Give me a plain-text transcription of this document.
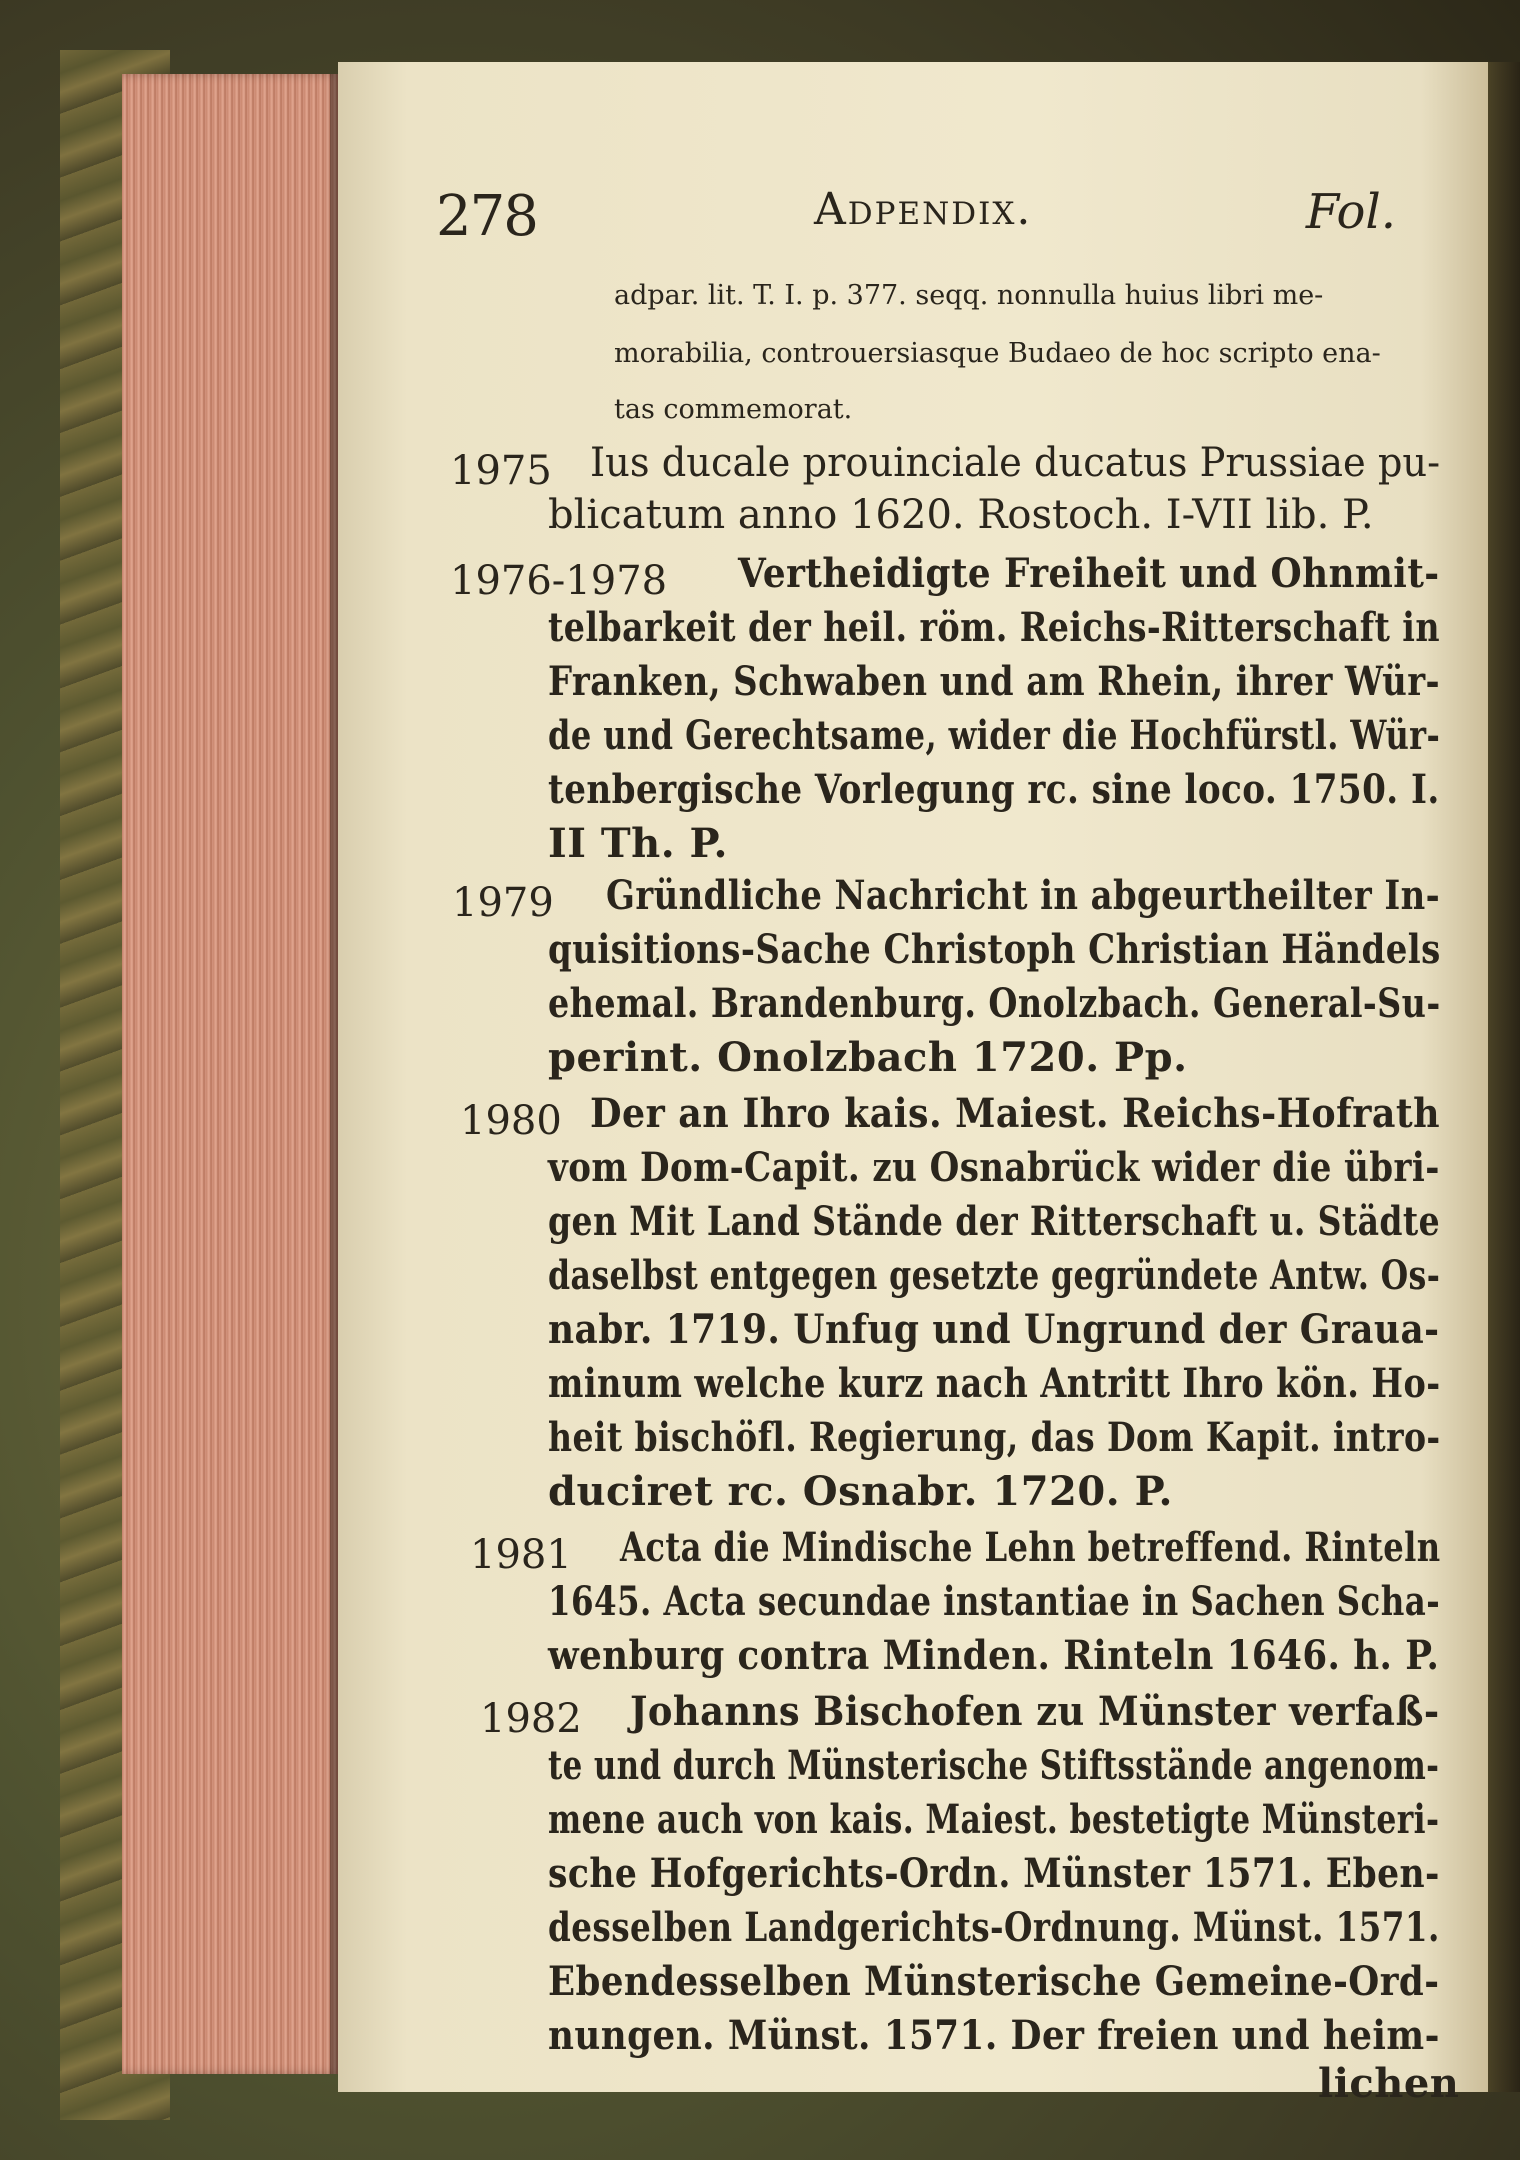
278	Adpendix.	Fol.
adpar. lit. T. I. p. 377. seqq. nonnulla huius libri me-
morabilia, controuersiasque Budaeo de hoc scripto ena-
tas commemorat.
1975 Ius ducale prouinciale ducatus Prussiae pu-
blicatum anno 1620. Rostoch. I-VII lib. P.
1976-1978 Vertheidigte Freiheit und Ohnmit-
telbarkeit der heil. röm. Reichs-Ritterschaft in
Franken, Schwaben und am Rhein, ihrer Wür-
de und Gerechtsame, wider die Hochfürstl. Wür-
tenbergische Vorlegung rc. sine loco. 1750. I.
II Th. P.
1979 Gründliche Nachricht in abgeurtheilter In-
quisitions-Sache Christoph Christian Händels
ehemal. Brandenburg. Onolzbach. General-Su-
perint. Onolzbach 1720. Pp.
1980 Der an Ihro kais. Maiest. Reichs-Hofrath
vom Dom-Capit. zu Osnabrück wider die übri-
gen Mit Land Stände der Ritterschaft u. Städte
daselbst entgegen gesetzte gegründete Antw. Os-
nabr. 1719. Unfug und Ungrund der Graua-
minum welche kurz nach Antritt Ihro kön. Ho-
heit bischöfl. Regierung, das Dom Kapit. intro-
duciret rc. Osnabr. 1720. P.
1981 Acta die Mindische Lehn betreffend. Rinteln
1645. Acta secundae instantiae in Sachen Scha-
wenburg contra Minden. Rinteln 1646. h. P.
1982 Johanns Bischofen zu Münster verfaß-
te und durch Münsterische Stiftsstände angenom-
mene auch von kais. Maiest. bestetigte Münsteri-
sche Hofgerichts-Ordn. Münster 1571. Eben-
desselben Landgerichts-Ordnung. Münst. 1571.
Ebendesselben Münsterische Gemeine-Ord-
nungen. Münst. 1571. Der freien und heim-
lichen
